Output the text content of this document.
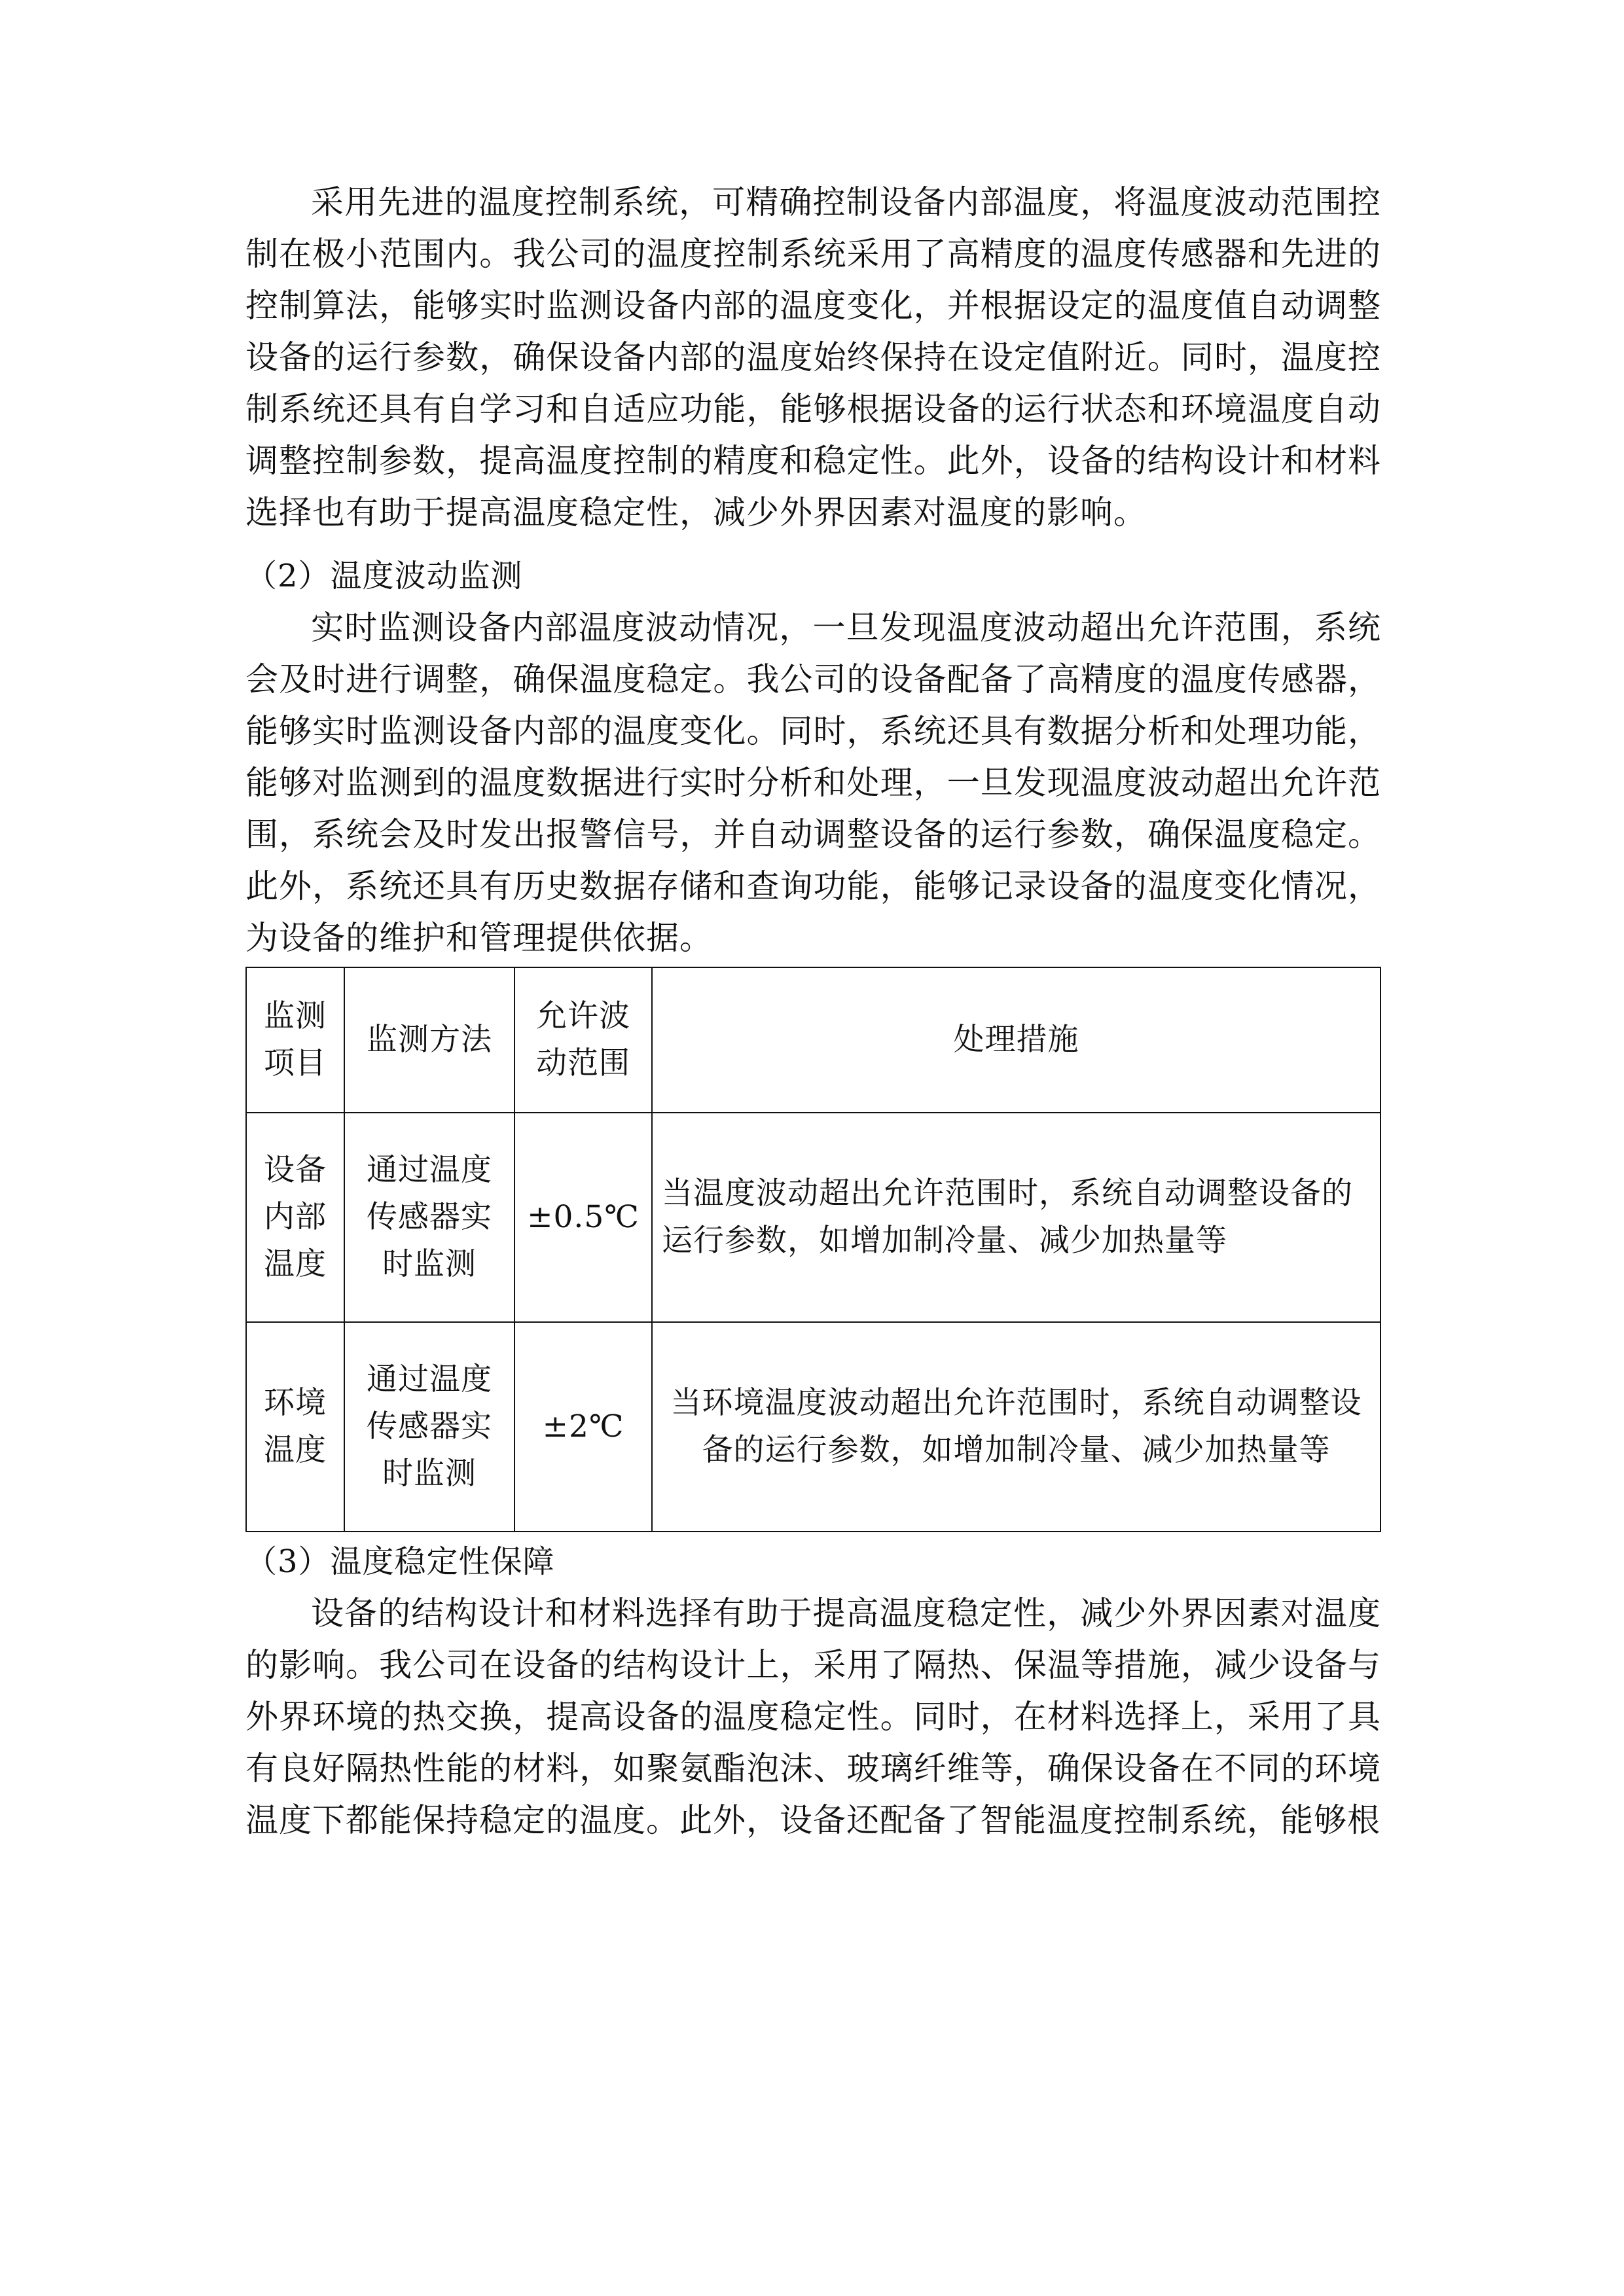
采用先进的温度控制系统，可精确控制设备内部温度，将温度波动范围控制在极小范围内。我公司的温度控制系统采用了高精度的温度传感器和先进的控制算法，能够实时监测设备内部的温度变化，并根据设定的温度值自动调整设备的运行参数，确保设备内部的温度始终保持在设定值附近。同时，温度控制系统还具有自学习和自适应功能，能够根据设备的运行状态和环境温度自动调整控制参数，提高温度控制的精度和稳定性。此外，设备的结构设计和材料选择也有助于提高温度稳定性，减少外界因素对温度的影响。

（2）温度波动监测

实时监测设备内部温度波动情况，一旦发现温度波动超出允许范围，系统会及时进行调整，确保温度稳定。我公司的设备配备了高精度的温度传感器，能够实时监测设备内部的温度变化。同时，系统还具有数据分析和处理功能，能够对监测到的温度数据进行实时分析和处理，一旦发现温度波动超出允许范围，系统会及时发出报警信号，并自动调整设备的运行参数，确保温度稳定。此外，系统还具有历史数据存储和查询功能，能够记录设备的温度变化情况，为设备的维护和管理提供依据。

监测项目	监测方法	允许波动范围	处理措施
设备内部温度	通过温度传感器实时监测	±0.5℃	当温度波动超出允许范围时，系统自动调整设备的运行参数，如增加制冷量、减少加热量等
环境温度	通过温度传感器实时监测	±2℃	当环境温度波动超出允许范围时，系统自动调整设备的运行参数，如增加制冷量、减少加热量等

（3）温度稳定性保障

设备的结构设计和材料选择有助于提高温度稳定性，减少外界因素对温度的影响。我公司在设备的结构设计上，采用了隔热、保温等措施，减少设备与外界环境的热交换，提高设备的温度稳定性。同时，在材料选择上，采用了具有良好隔热性能的材料，如聚氨酯泡沫、玻璃纤维等，确保设备在不同的环境温度下都能保持稳定的温度。此外，设备还配备了智能温度控制系统，能够根
